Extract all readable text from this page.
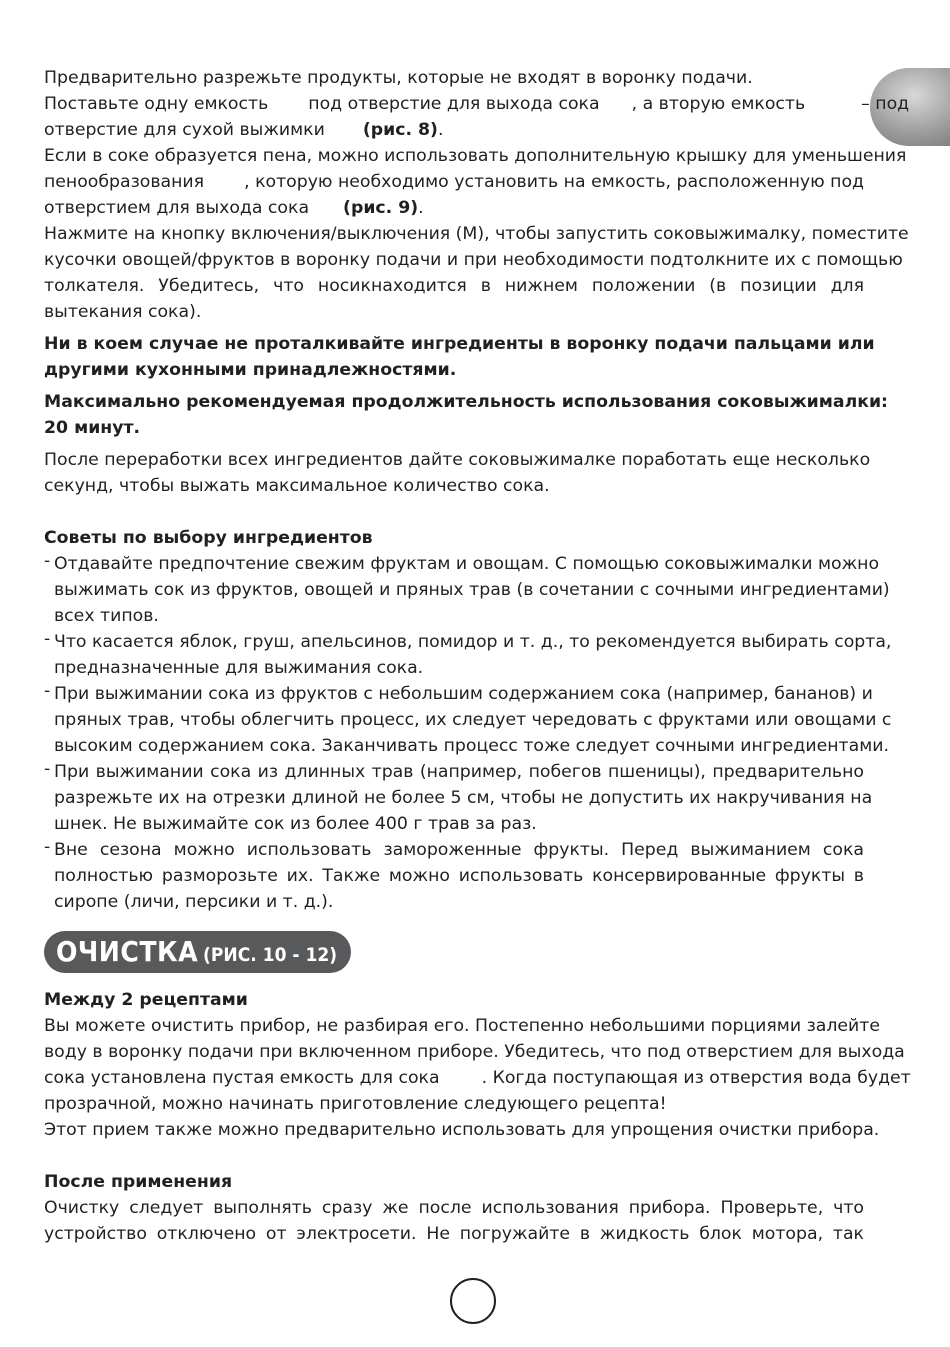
Предварительно разрежьте продукты, которые не входят в воронку подачи.
Поставьте одну емкость под отверстие для выхода сока , а вторую емкость	– под
отверстие для сухой выжимки (рис. 8).
Если в соке образуется пена, можно использовать дополнительную крышку для уменьшения
пенообразования , которую необходимо установить на емкость, расположенную под
отверстием для выхода сока (рис. 9).
Нажмите на кнопку включения/выключения (M), чтобы запустить соковыжималку, поместите
кусочки овощей/фруктов в воронку подачи и при необходимости подтолкните их с помощью
толкателя. Убедитесь, что носикнаходится в нижнем положении (в позиции для
вытекания сока).
Ни в коем случае не проталкивайте ингредиенты в воронку подачи пальцами или
другими кухонными принадлежностями.
Максимально рекомендуемая продолжительность использования соковыжималки:
20 минут.
После переработки всех ингредиентов дайте соковыжималке поработать еще несколько
секунд, чтобы выжать максимальное количество сока.
Советы по выбору ингредиентов
- Отдавайте предпочтение свежим фруктам и овощам. С помощью соковыжималки можно
выжимать сок из фруктов, овощей и пряных трав (в сочетании с сочными ингредиентами)
всех типов.
- Что касается яблок, груш, апельсинов, помидор и т. д., то рекомендуется выбирать сорта,
предназначенные для выжимания сока.
- При выжимании сока из фруктов с небольшим содержанием сока (например, бананов) и
пряных трав, чтобы облегчить процесс, их следует чередовать с фруктами или овощами с
высоким содержанием сока. Заканчивать процесс тоже следует сочными ингредиентами.
- При выжимании сока из длинных трав (например, побегов пшеницы), предварительно
разрежьте их на отрезки длиной не более 5 см, чтобы не допустить их накручивания на
шнек. Не выжимайте сок из более 400 г трав за раз.
- Вне сезона можно использовать замороженные фрукты. Перед выжиманием сока
полностью разморозьте их. Также можно использовать консервированные фрукты в
сиропе (личи, персики и т. д.).
ОЧИСТКА (РИС. 10 - 12)
Между 2 рецептами
Вы можете очистить прибор, не разбирая его. Постепенно небольшими порциями залейте
воду в воронку подачи при включенном приборе. Убедитесь, что под отверстием для выхода
сока установлена пустая емкость для сока . Когда поступающая из отверстия вода будет
прозрачной, можно начинать приготовление следующего рецепта!
Этот прием также можно предварительно использовать для упрощения очистки прибора.
После применения
Очистку следует выполнять сразу же после использования прибора. Проверьте, что
устройство отключено от электросети. Не погружайте в жидкость блок мотора, так
